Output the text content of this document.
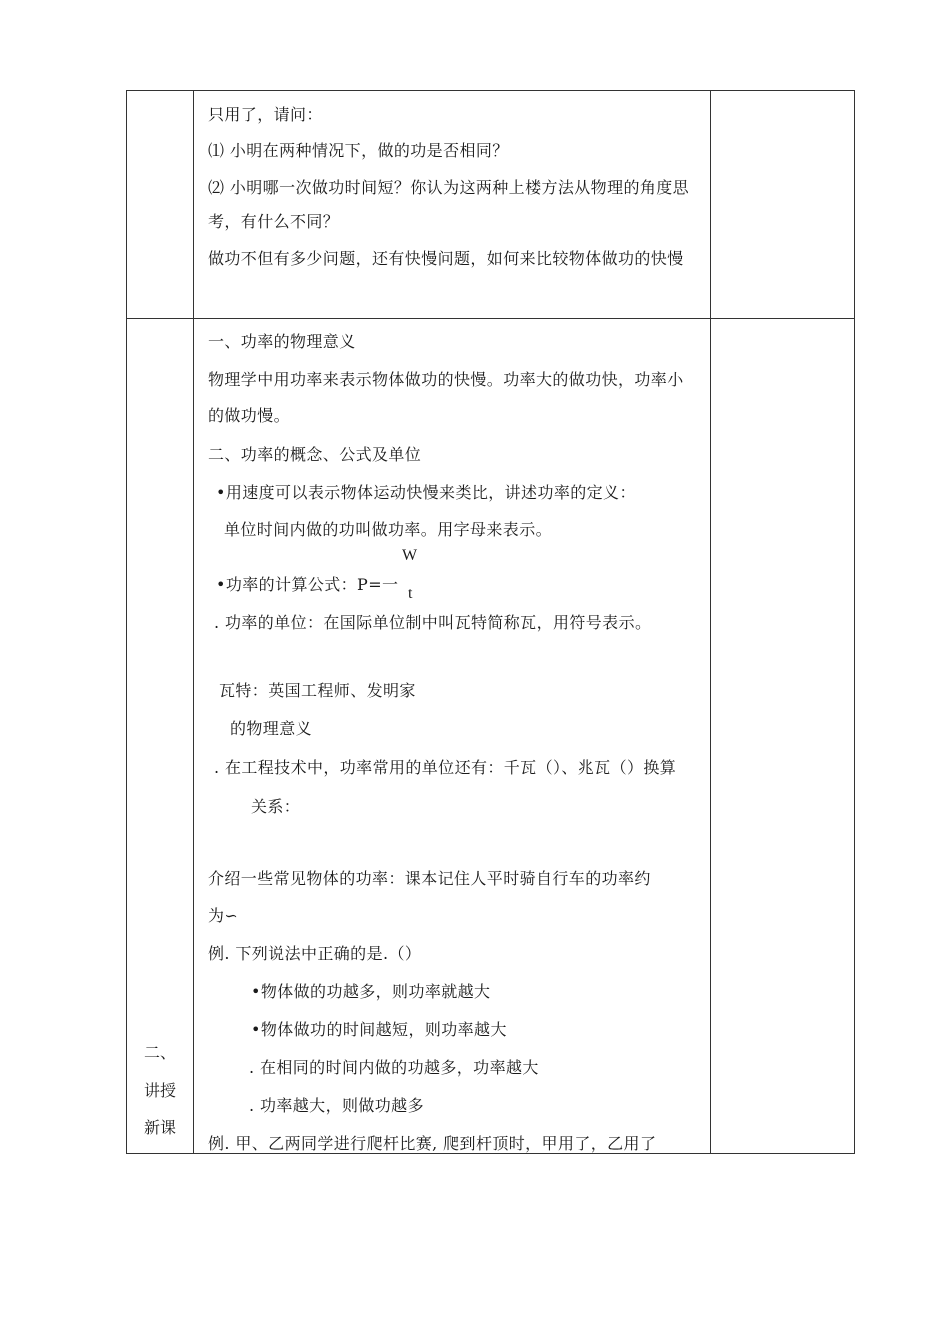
只用了，请问：
⑴ 小明在两种情况下，做的功是否相同？
⑵ 小明哪一次做功时间短？你认为这两种上楼方法从物理的角度思
考，有什么不同？
做功不但有多少问题，还有快慢问题，如何来比较物体做功的快慢
二、
讲授
新课
一、功率的物理意义
物理学中用功率来表示物体做功的快慢。功率大的做功快，功率小
的做功慢。
二、功率的概念、公式及单位
•用速度可以表示物体运动快慢来类比，讲述功率的定义：
单位时间内做的功叫做功率。用字母来表示。
•功率的计算公式：P=一
W
t
. 功率的单位：在国际单位制中叫瓦特简称瓦，用符号表示。
瓦特：英国工程师、发明家
的物理意义
. 在工程技术中，功率常用的单位还有：千瓦（）、兆瓦（）换算
关系：
介绍一些常见物体的功率：课本记住人平时骑自行车的功率约
为∽
例. 下列说法中正确的是.（）
•物体做的功越多，则功率就越大
•物体做功的时间越短，则功率越大
. 在相同的时间内做的功越多，功率越大
. 功率越大，则做功越多
例. 甲、乙两同学进行爬杆比赛, 爬到杆顶时，甲用了，乙用了
